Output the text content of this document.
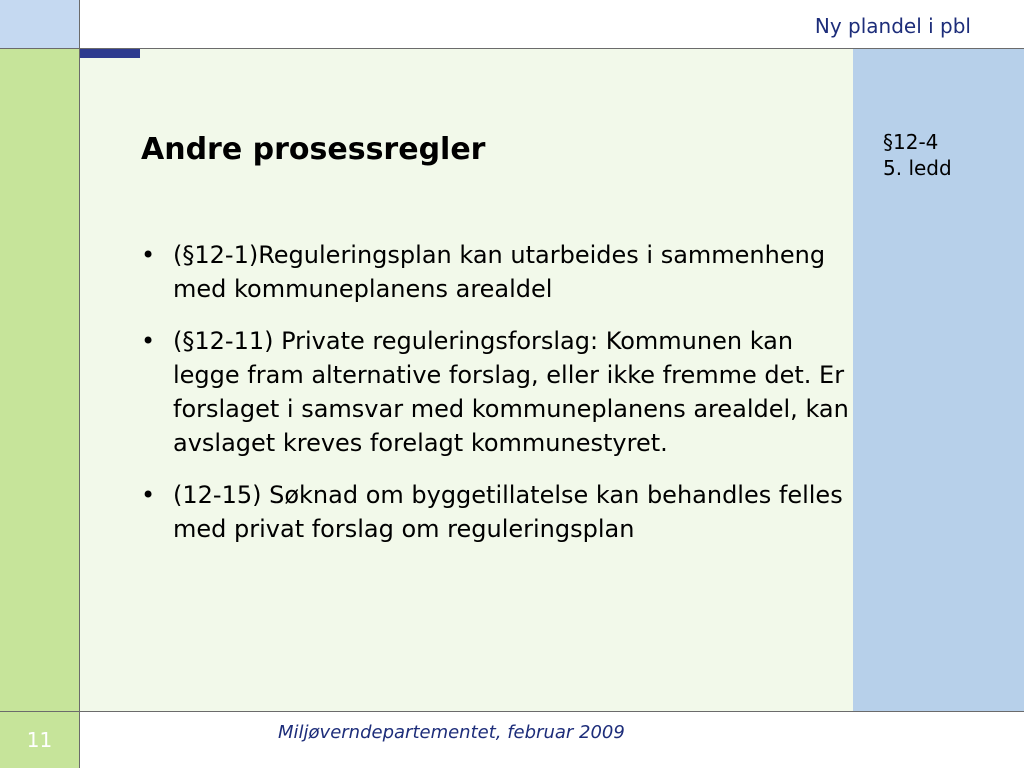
Ny plandel i pbl
Andre prosessregler	§12-4
5. ledd
• (§12-1)Reguleringsplan kan utarbeides i sammenheng med kommuneplanens arealdel
• (§12-11) Private reguleringsforslag: Kommunen kan legge fram alternative forslag, eller ikke fremme det. Er forslaget i samsvar med kommuneplanens arealdel, kan avslaget kreves forelagt kommunestyret.
• (12-15) Søknad om byggetillatelse kan behandles felles med privat forslag om reguleringsplan
11	Miljøverndepartementet, februar 2009
